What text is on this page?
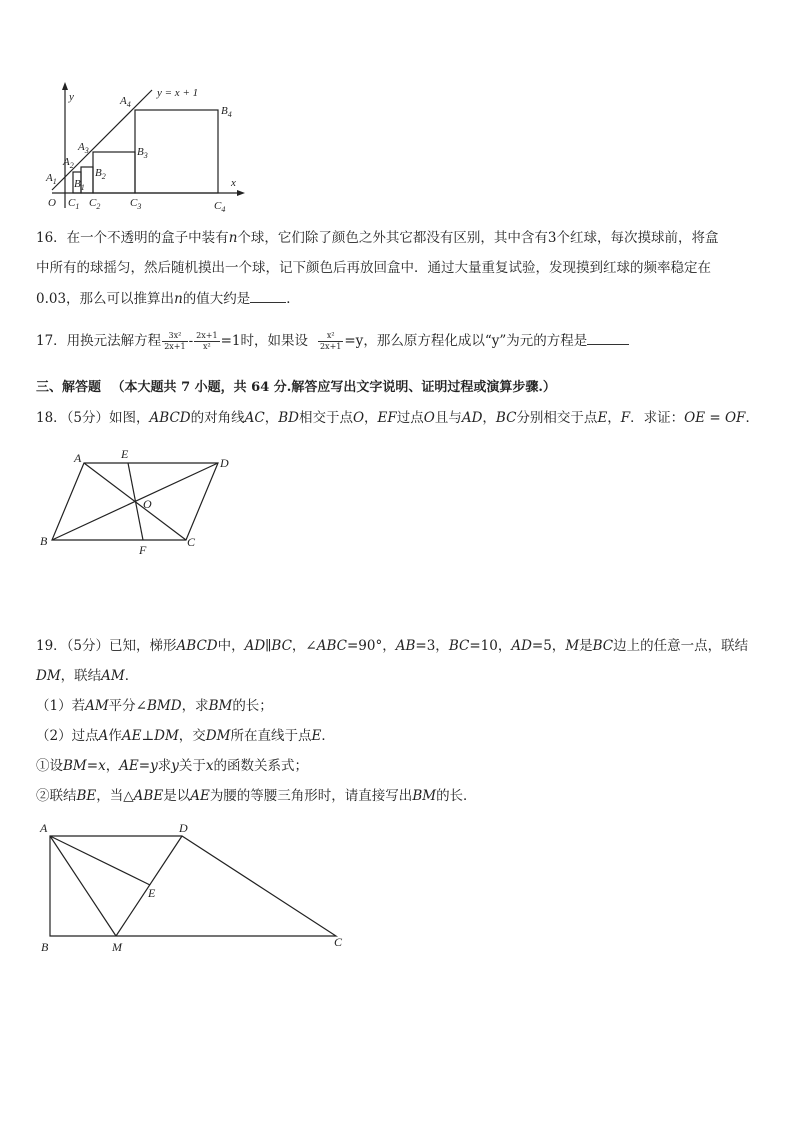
y
x
O
y = x + 1
$A_1$
$A_2$
$A_3$
$A_4$
$B_1$
$B_2$
$B_3$
$B_4$
$C_1$ $C_2$	$C_3$	$C_4$
16．在一个不透明的盒子中装有n个球，它们除了颜色之外其它都没有区别，其中含有3个红球，每次摸球前，将盒
中所有的球摇匀，然后随机摸出一个球，记下颜色后再放回盒中．通过大量重复试验，发现摸到红球的频率稳定在
0.03，那么可以推算出n的值大约是	．
17．用换元法解方程 $\frac{\text{3x²}}{2x+1} - \frac{2x+1}{\text{x²}} =1$时，如果设 $\frac{\text{x²}}{2x+1} =y$，那么原方程化成以“y”为元的方程是
三、解答题 （本大题共 7 小题，共 64 分.解答应写出文字说明、证明过程或演算步骤.）
18．（5分）如图，ABCD的对角线AC，BD相交于点O，EF过点O且与AD，BC分别相交于点E，F．求证：OE = OF．
A	E
D
O
B
F
C
19．（5分）已知，梯形ABCD中，AD∥BC，∠ABC=90°，AB=3，BC=10，AD=5，M是BC边上的任意一点，联结
DM，联结AM．
（1）若AM平分∠BMD，求BM的长；
（2）过点A作AE⊥DM，交DM所在直线于点E．
①设BM=x，AE=y求y关于x的函数关系式；
②联结BE，当△ABE是以AE为腰的等腰三角形时，请直接写出BM的长．
A	D
E
B	M	C
